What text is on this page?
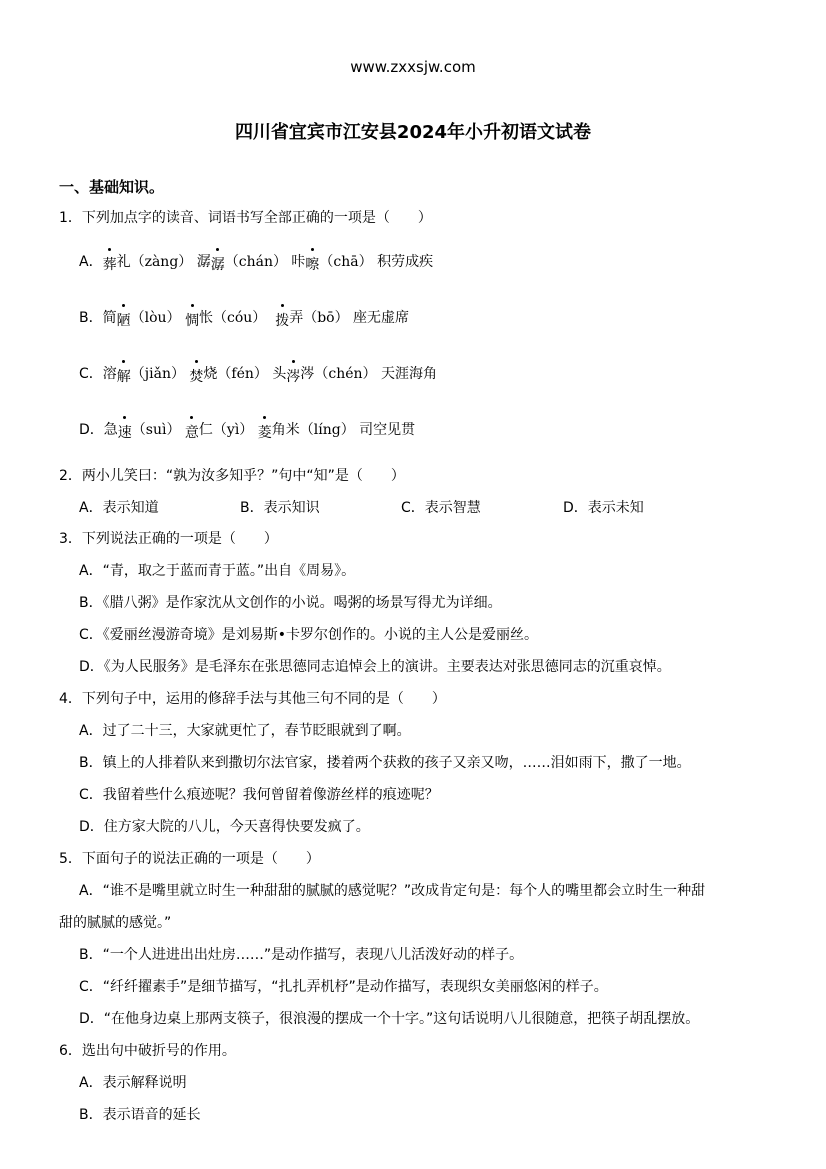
www.zxxsjw.com
四川省宜宾市江安县2024年小升初语文试卷
一、基础知识。
1．下列加点字的读音、词语书写全部正确的一项是（　　）
A．葬礼（zàng） 潺潺（chán） 咔嚓（chā） 积劳成疾
B．简陋（lòu） 惆怅（cóu） 拨弄（bō） 座无虚席
C．溶解（jiǎn） 焚烧（fén） 头涔涔（chén） 天涯海角
D．急速（suì） 意仁（yì） 菱角米（líng） 司空见贯
2．两小儿笑曰：“孰为汝多知乎？”句中“知”是（　　）
A．表示知道	B．表示知识	C．表示智慧	D．表示未知
3．下列说法正确的一项是（　　）
A．“青，取之于蓝而青于蓝。”出自《周易》。
B．《腊八粥》是作家沈从文创作的小说。喝粥的场景写得尤为详细。
C．《爱丽丝漫游奇境》是刘易斯•卡罗尔创作的。小说的主人公是爱丽丝。
D．《为人民服务》是毛泽东在张思德同志追悼会上的演讲。主要表达对张思德同志的沉重哀悼。
4．下列句子中，运用的修辞手法与其他三句不同的是（　　）
A．过了二十三，大家就更忙了，春节眨眼就到了啊。
B．镇上的人排着队来到撒切尔法官家，搂着两个获救的孩子又亲又吻，……泪如雨下，撒了一地。
C．我留着些什么痕迹呢？我何曾留着像游丝样的痕迹呢？
D．住方家大院的八儿，今天喜得快要发疯了。
5．下面句子的说法正确的一项是（　　）
A．“谁不是嘴里就立时生一种甜甜的腻腻的感觉呢？”改成肯定句是：每个人的嘴里都会立时生一种甜
甜的腻腻的感觉。”
B．“一个人进进出出灶房……”是动作描写，表现八儿活泼好动的样子。
C．“纤纤擢素手”是细节描写，“扎扎弄机杼”是动作描写，表现织女美丽悠闲的样子。
D．“在他身边桌上那两支筷子，很浪漫的摆成一个十字。”这句话说明八儿很随意，把筷子胡乱摆放。
6．选出句中破折号的作用。
A．表示解释说明
B．表示语音的延长
